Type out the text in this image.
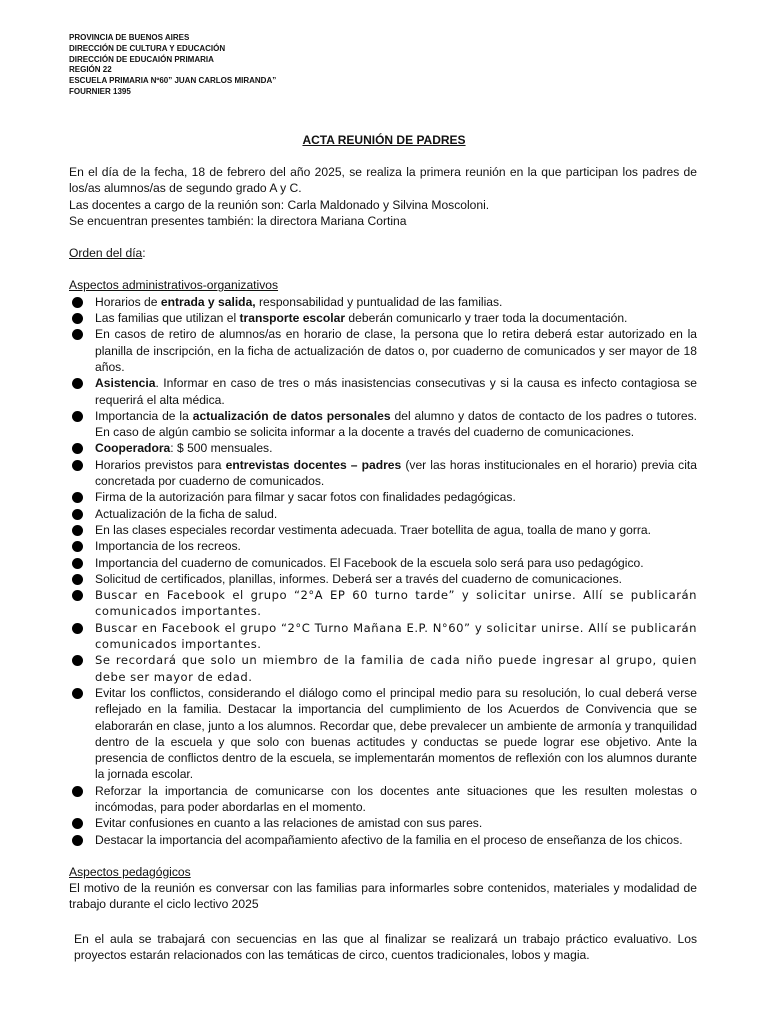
PROVINCIA DE BUENOS AIRES
DIRECCIÓN DE CULTURA Y EDUCACIÓN
DIRECCIÓN DE EDUCAIÓN PRIMARIA
REGIÓN 22
ESCUELA PRIMARIA Nº60” JUAN CARLOS MIRANDA”
FOURNIER 1395
ACTA REUNIÓN DE PADRES

En el día de la fecha, 18 de febrero del año 2025, se realiza la primera reunión en la que participan los padres de los/as alumnos/as de segundo grado A y C.

Las docentes a cargo de la reunión son: Carla Maldonado y Silvina Moscoloni.

Se encuentran presentes también: la directora Mariana Cortina

Orden del día:

Aspectos administrativos-organizativos

Horarios de entrada y salida, responsabilidad y puntualidad de las familias.
Las familias que utilizan el transporte escolar deberán comunicarlo y traer toda la documentación.
En casos de retiro de alumnos/as en horario de clase, la persona que lo retira deberá estar autorizado en la planilla de inscripción, en la ficha de actualización de datos o, por cuaderno de comunicados y ser mayor de 18 años.
Asistencia. Informar en caso de tres o más inasistencias consecutivas y si la causa es infecto contagiosa se requerirá el alta médica.
Importancia de la actualización de datos personales del alumno y datos de contacto de los padres o tutores. En caso de algún cambio se solicita informar a la docente a través del cuaderno de comunicaciones.
Cooperadora: $ 500 mensuales.
Horarios previstos para entrevistas docentes – padres (ver las horas institucionales en el horario) previa cita concretada por cuaderno de comunicados.
Firma de la autorización para filmar y sacar fotos con finalidades pedagógicas.
Actualización de la ficha de salud.
En las clases especiales recordar vestimenta adecuada. Traer botellita de agua, toalla de mano y gorra.
Importancia de los recreos.
Importancia del cuaderno de comunicados. El Facebook de la escuela solo será para uso pedagógico.
Solicitud de certificados, planillas, informes. Deberá ser a través del cuaderno de comunicaciones.
Buscar en Facebook el grupo “2°A EP 60 turno tarde” y solicitar unirse. Allí se publicarán comunicados importantes.
Buscar en Facebook el grupo “2°C Turno Mañana E.P. N°60” y solicitar unirse. Allí se publicarán comunicados importantes.
Se recordará que solo un miembro de la familia de cada niño puede ingresar al grupo, quien debe ser mayor de edad.
Evitar los conflictos, considerando el diálogo como el principal medio para su resolución, lo cual deberá verse reflejado en la familia. Destacar la importancia del cumplimiento de los Acuerdos de Convivencia que se elaborarán en clase, junto a los alumnos. Recordar que, debe prevalecer un ambiente de armonía y tranquilidad dentro de la escuela y que solo con buenas actitudes y conductas se puede lograr ese objetivo. Ante la presencia de conflictos dentro de la escuela, se implementarán momentos de reflexión con los alumnos durante la jornada escolar.
Reforzar la importancia de comunicarse con los docentes ante situaciones que les resulten molestas o incómodas, para poder abordarlas en el momento.
Evitar confusiones en cuanto a las relaciones de amistad con sus pares.
Destacar la importancia del acompañamiento afectivo de la familia en el proceso de enseñanza de los chicos.

Aspectos pedagógicos

El motivo de la reunión es conversar con las familias para informarles sobre contenidos, materiales y modalidad de trabajo durante el ciclo lectivo 2025

En el aula se trabajará con secuencias en las que al finalizar se realizará un trabajo práctico evaluativo. Los proyectos estarán relacionados con las temáticas de circo, cuentos tradicionales, lobos y magia.
